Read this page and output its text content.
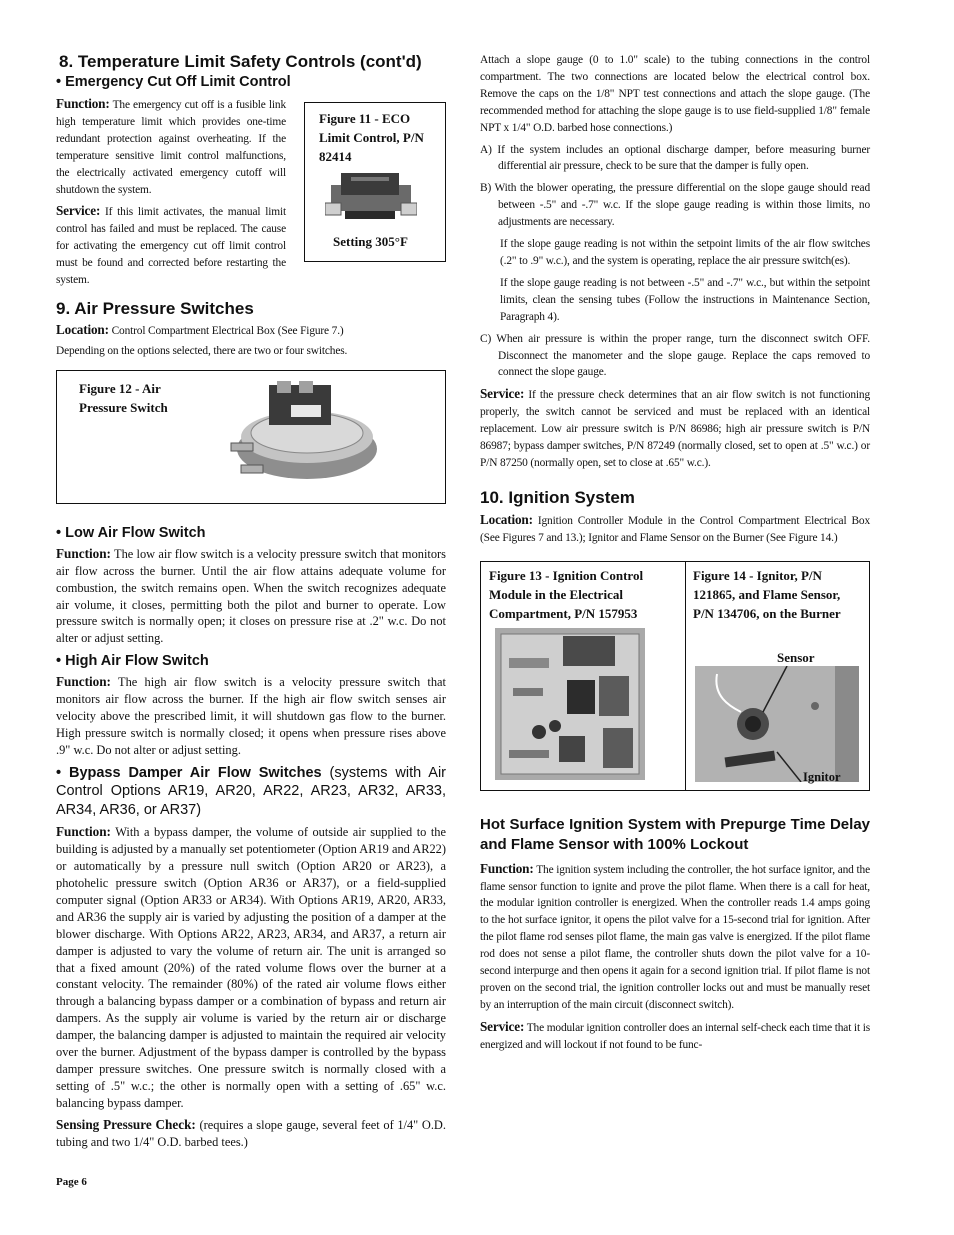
8. Temperature Limit Safety Controls (cont'd)
• Emergency Cut Off Limit Control
Figure 11 - ECO Limit Control, P/N 82414
Setting 305°F

Function: The emergency cut off is a fusible link high temperature limit which provides one-time redundant protection against overheating. If the temperature sensitive limit control malfunctions, the electrically activated emergency cutoff will shutdown the system.

Service: If this limit activates, the manual limit control has failed and must be replaced. The cause for activating the emergency cut off limit control must be found and corrected before restarting the system.

9. Air Pressure Switches

Location: Control Compartment Electrical Box (See Figure 7.)

Depending on the options selected, there are two or four switches.

Figure 12 - Air Pressure Switch
• Low Air Flow Switch

Function: The low air flow switch is a velocity pressure switch that monitors air flow across the burner. Until the air flow attains adequate volume for combustion, the switch remains open. When the switch recognizes adequate air volume, it closes, permitting both the pilot and burner to operate. Low pressure switch is normally open; it closes on pressure rise at .2" w.c. Do not alter or adjust setting.

• High Air Flow Switch

Function: The high air flow switch is a velocity pressure switch that monitors air flow across the burner. If the high air flow switch senses air velocity above the prescribed limit, it will shutdown gas flow to the burner. High pressure switch is normally closed; it opens when pressure rises above .9" w.c. Do not alter or adjust setting.

• Bypass Damper Air Flow Switches (systems with Air Control Options AR19, AR20, AR22, AR23, AR32, AR33, AR34, AR36, or AR37)

Function: With a bypass damper, the volume of outside air supplied to the building is adjusted by a manually set potentiometer (Option AR19 and AR22) or automatically by a pressure null switch (Option AR20 or AR23), a photohelic pressure switch (Option AR36 or AR37), or a field-supplied computer signal (Option AR33 or AR34). With Options AR19, AR20, AR33, and AR36 the supply air is varied by adjusting the position of a damper at the blower discharge. With Options AR22, AR23, AR34, and AR37, a return air damper is adjusted to vary the volume of return air. The unit is arranged so that a fixed amount (20%) of the rated volume flows over the burner at a constant velocity. The remainder (80%) of the rated air volume flows either through a balancing bypass damper or a combination of bypass and return air dampers. As the supply air volume is varied by the return air or discharge damper, the balancing damper is adjusted to maintain the required air velocity over the burner. Adjustment of the bypass damper is controlled by the bypass damper pressure switches. One pressure switch is normally closed with a setting of .5" w.c.; the other is normally open with a setting of .65" w.c. balancing bypass damper.

Sensing Pressure Check: (requires a slope gauge, several feet of 1/4" O.D. tubing and two 1/4" O.D. barbed tees.)

Page 6

Attach a slope gauge (0 to 1.0" scale) to the tubing connections in the control compartment. The two connections are located below the electrical control box. Remove the caps on the 1/8" NPT test connections and attach the slope gauge. (The recommended method for attaching the slope gauge is to use field-supplied 1/8" female NPT x 1/4" O.D. barbed hose connections.)

A) If the system includes an optional discharge damper, before measuring burner differential air pressure, check to be sure that the damper is fully open.

B) With the blower operating, the pressure differential on the slope gauge should read between -.5" and -.7" w.c. If the slope gauge reading is within those limits, no adjustments are necessary.

If the slope gauge reading is not within the setpoint limits of the air flow switches (.2" to .9" w.c.), and the system is operating, replace the air pressure switch(es).

If the slope gauge reading is not between -.5" and -.7" w.c., but within the setpoint limits, clean the sensing tubes (Follow the instructions in Maintenance Section, Paragraph 4).

C) When air pressure is within the proper range, turn the disconnect switch OFF. Disconnect the manometer and the slope gauge. Replace the caps removed to connect the slope gauge.

Service: If the pressure check determines that an air flow switch is not functioning properly, the switch cannot be serviced and must be replaced with an identical replacement. Low air pressure switch is P/N 86986; high air pressure switch is P/N 86987; bypass damper switches, P/N 87249 (normally closed, set to open at .5" w.c.) or P/N 87250 (normally open, set to close at .65" w.c.).

10. Ignition System

Location: Ignition Controller Module in the Control Compartment Electrical Box (See Figures 7 and 13.); Ignitor and Flame Sensor on the Burner (See Figure 14.)

Figure 13 - Ignition Control Module in the Electrical Compartment, P/N 157953
Figure 14 - Ignitor, P/N 121865, and Flame Sensor, P/N 134706, on the Burner
Sensor
Ignitor
Hot Surface Ignition System with Prepurge Time Delay and Flame Sensor with 100% Lockout

Function: The ignition system including the controller, the hot surface ignitor, and the flame sensor function to ignite and prove the pilot flame. When there is a call for heat, the modular ignition controller is energized. When the controller reads 1.4 amps going to the hot surface ignitor, it opens the pilot valve for a 15-second trial for ignition. After the pilot flame rod senses pilot flame, the main gas valve is energized. If the pilot flame rod does not sense a pilot flame, the controller shuts down the pilot valve for a 10-second interpurge and then opens it again for a second ignition trial. If pilot flame is not proven on the second trial, the ignition controller locks out and must be manually reset by an interruption of the main circuit (disconnect switch).

Service: The modular ignition controller does an internal self-check each time that it is energized and will lockout if not found to be func-
